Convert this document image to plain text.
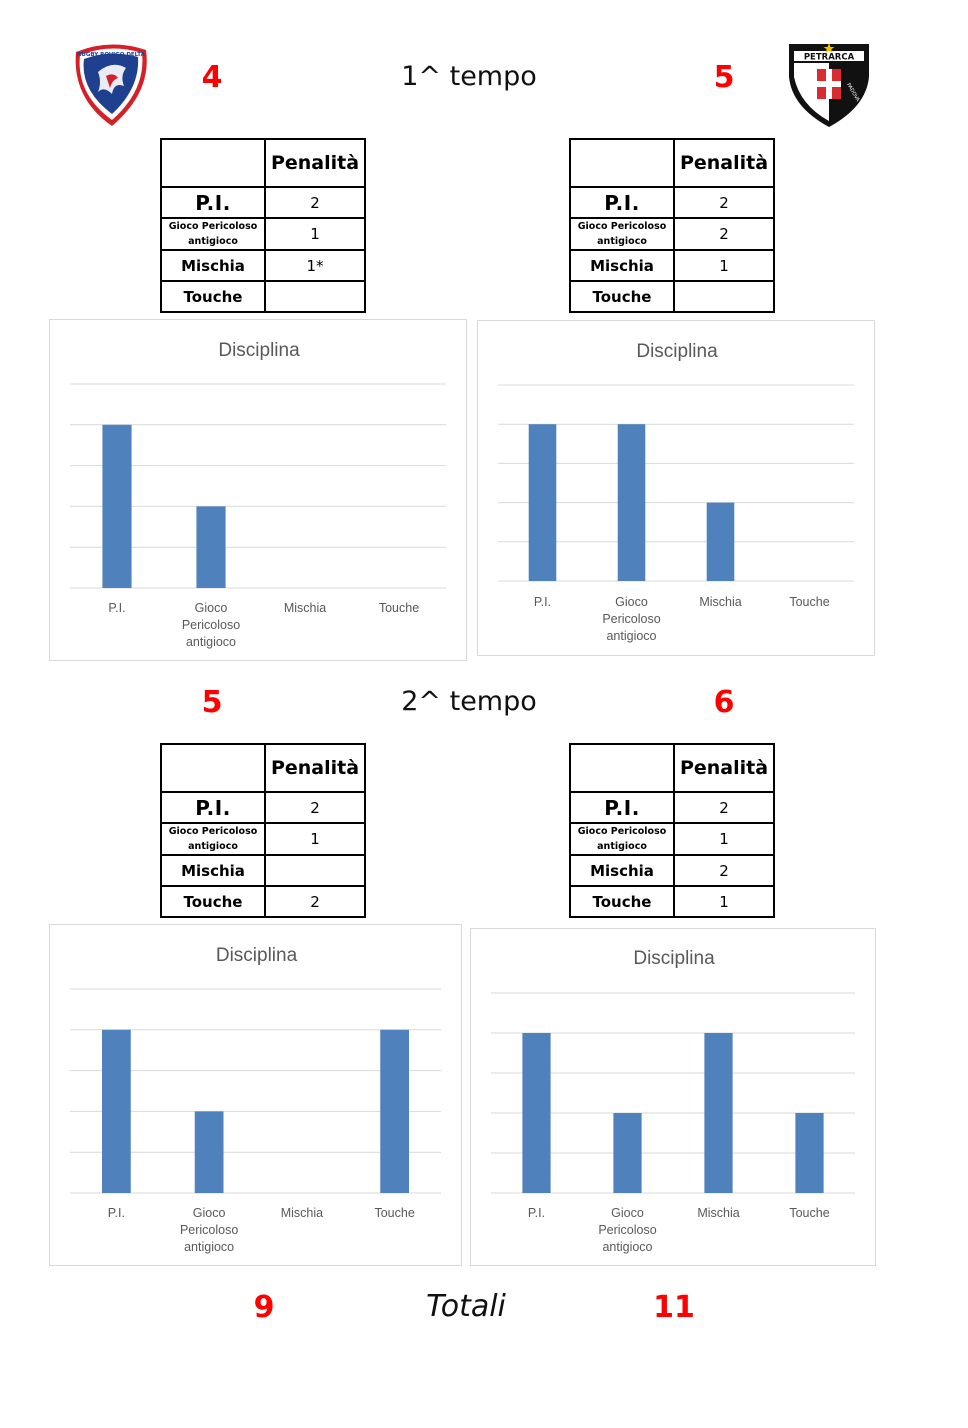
RUGBY ROVIGO DELTA	PETRARCA
PADOVA
4	1^ tempo	5
	Penalità
P.I.	2
Gioco Pericoloso
antigioco	1
Mischia	1*
Touche	
	Penalità
P.I.	2
Gioco Pericoloso
antigioco	2
Mischia	1
Touche	
Disciplina
P.I.	Gioco Pericoloso antigioco
Mischia	Touche
Disciplina
P.I.	Gioco Pericoloso antigioco
Mischia	Touche
5	2^ tempo	6
	Penalità
P.I.	2
Gioco Pericoloso
antigioco	1
Mischia	
Touche	2
	Penalità
P.I.	2
Gioco Pericoloso
antigioco	1
Mischia	2
Touche	1
Disciplina
P.I.	Gioco Pericoloso antigioco
Mischia	Touche
Disciplina
P.I.	Gioco Pericoloso antigioco
Mischia	Touche
9	Totali	11
